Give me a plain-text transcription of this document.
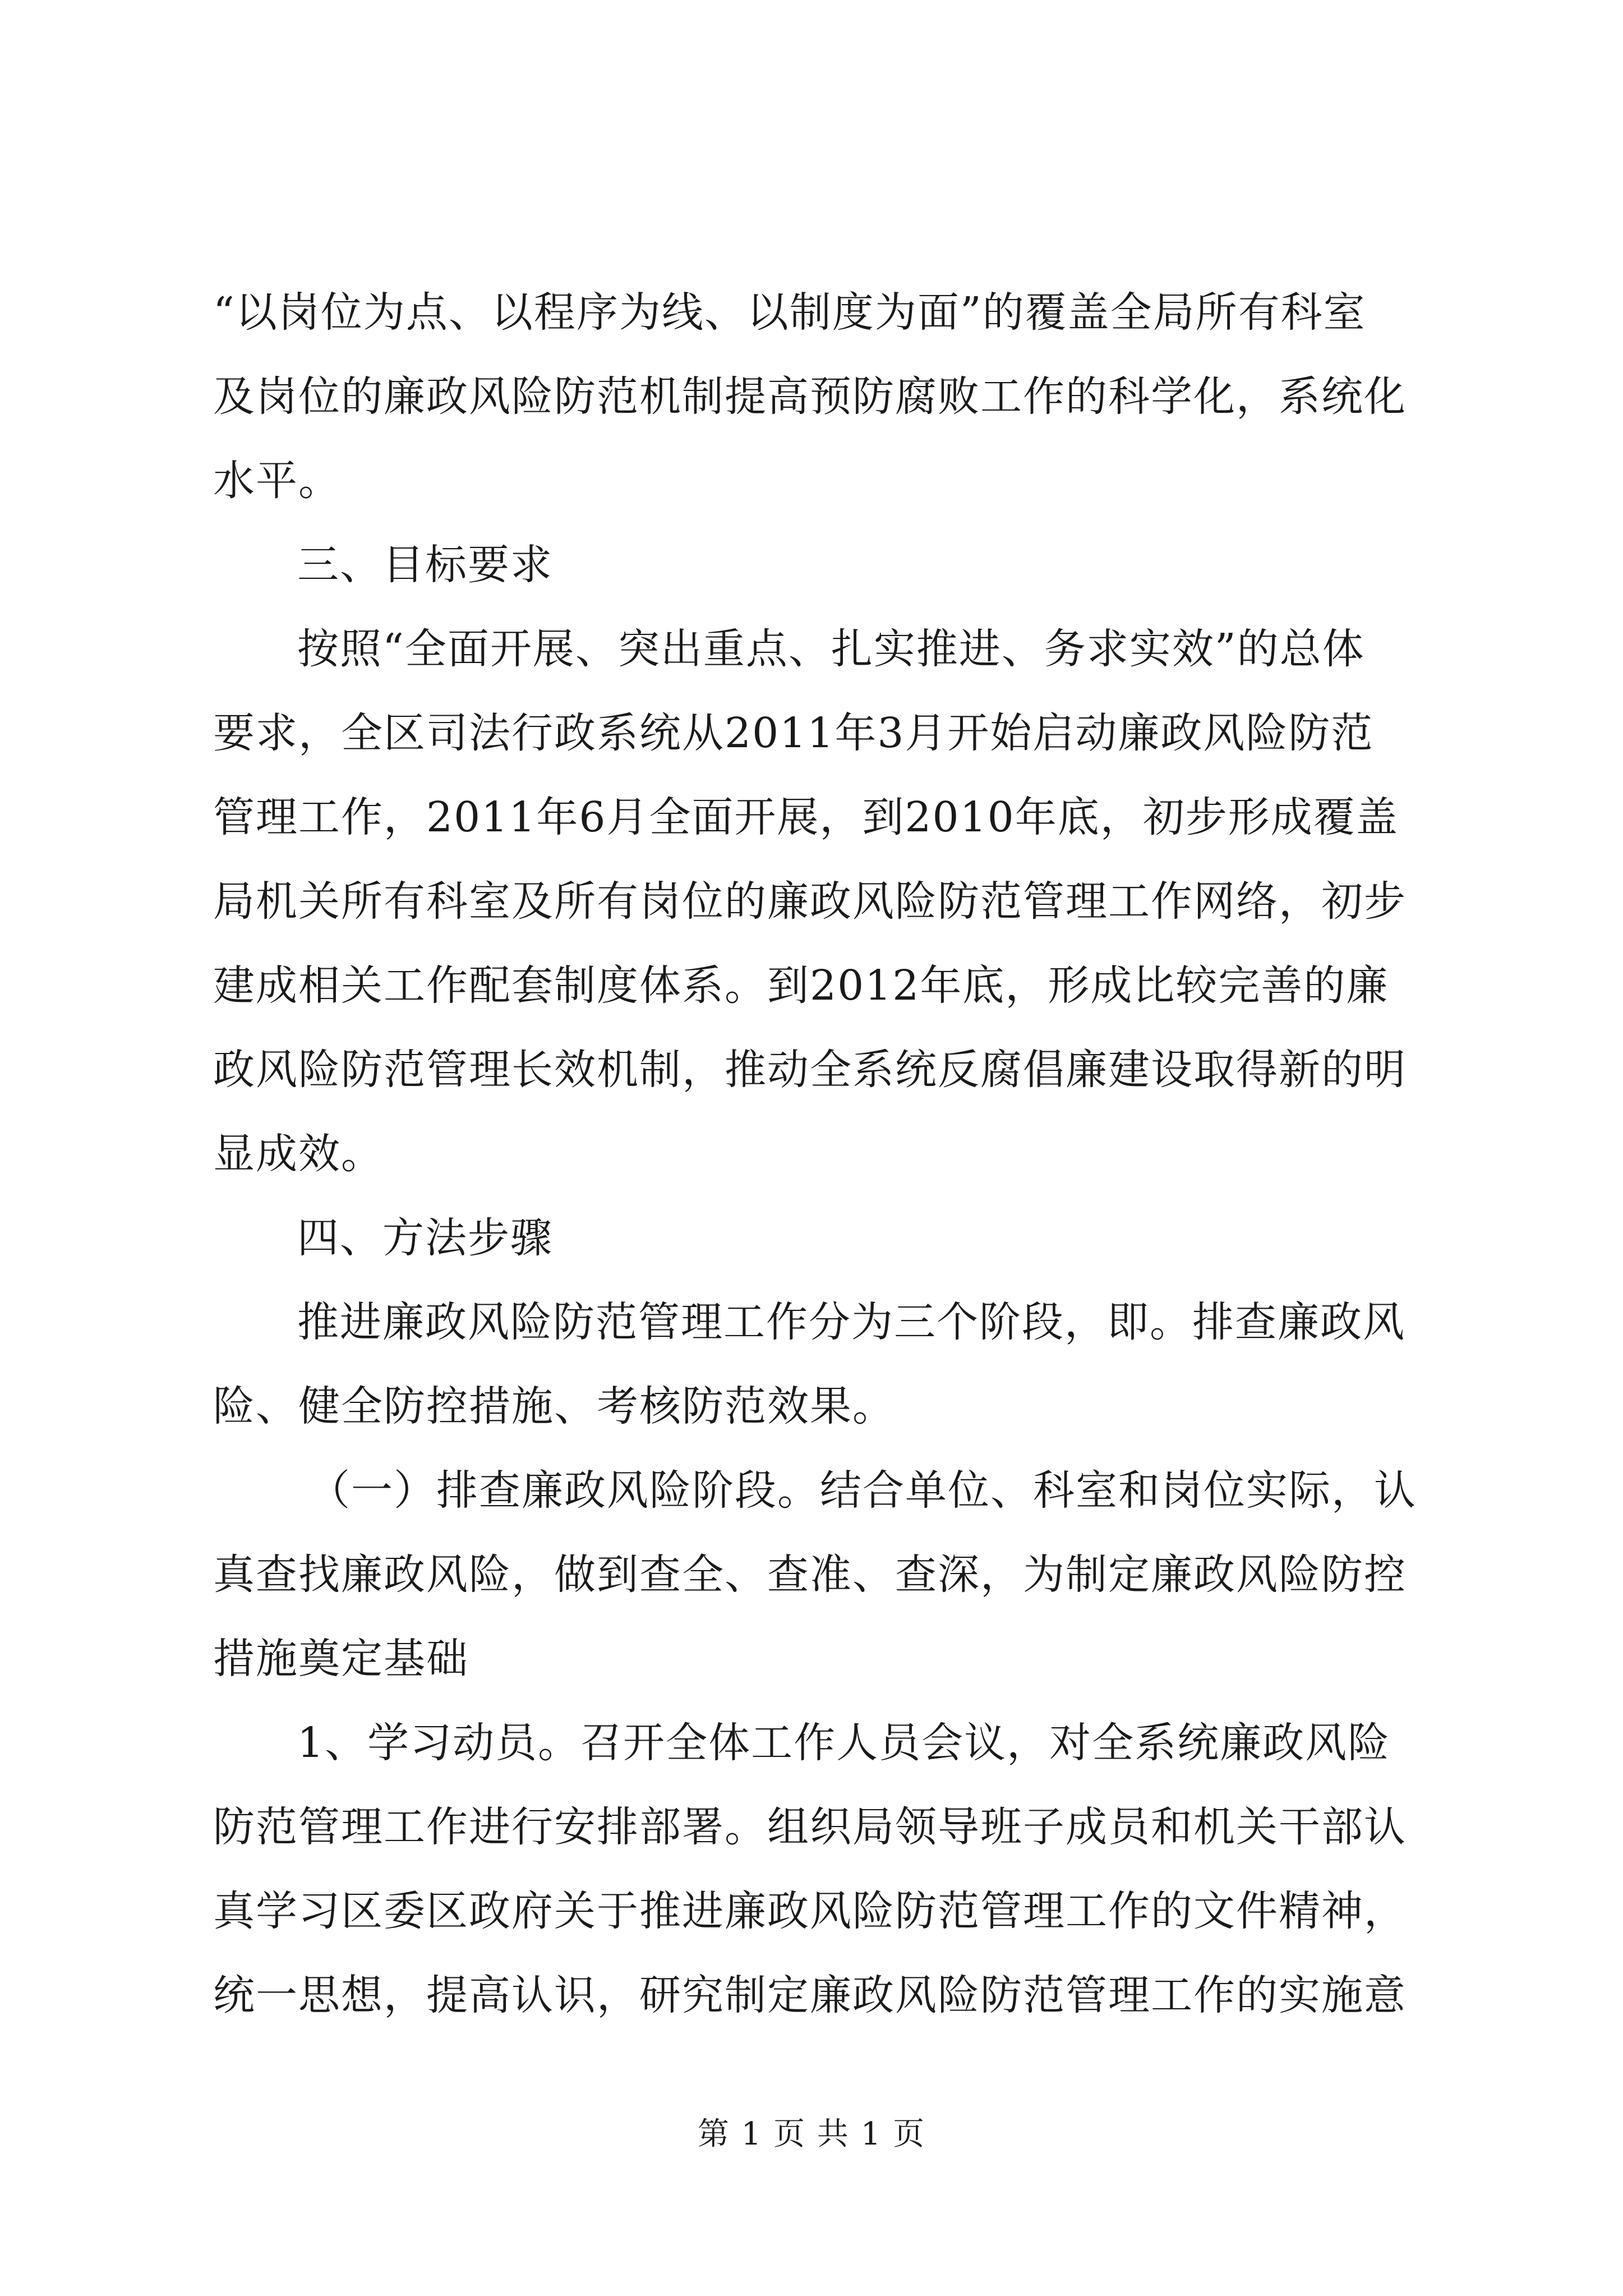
“以岗位为点、以程序为线、以制度为面”的覆盖全局所有科室
及岗位的廉政风险防范机制提高预防腐败工作的科学化，系统化
水平。
三、目标要求
按照“全面开展、突出重点、扎实推进、务求实效”的总体
要求，全区司法行政系统从2011年3月开始启动廉政风险防范
管理工作，2011年6月全面开展，到2010年底，初步形成覆盖
局机关所有科室及所有岗位的廉政风险防范管理工作网络，初步
建成相关工作配套制度体系。到2012年底，形成比较完善的廉
政风险防范管理长效机制，推动全系统反腐倡廉建设取得新的明
显成效。
四、方法步骤
推进廉政风险防范管理工作分为三个阶段，即。排查廉政风
险、健全防控措施、考核防范效果。
（一）排查廉政风险阶段。结合单位、科室和岗位实际，认
真查找廉政风险，做到查全、查准、查深，为制定廉政风险防控
措施奠定基础
1、学习动员。召开全体工作人员会议，对全系统廉政风险
防范管理工作进行安排部署。组织局领导班子成员和机关干部认
真学习区委区政府关于推进廉政风险防范管理工作的文件精神，
统一思想，提高认识，研究制定廉政风险防范管理工作的实施意
第 1 页 共 1 页
